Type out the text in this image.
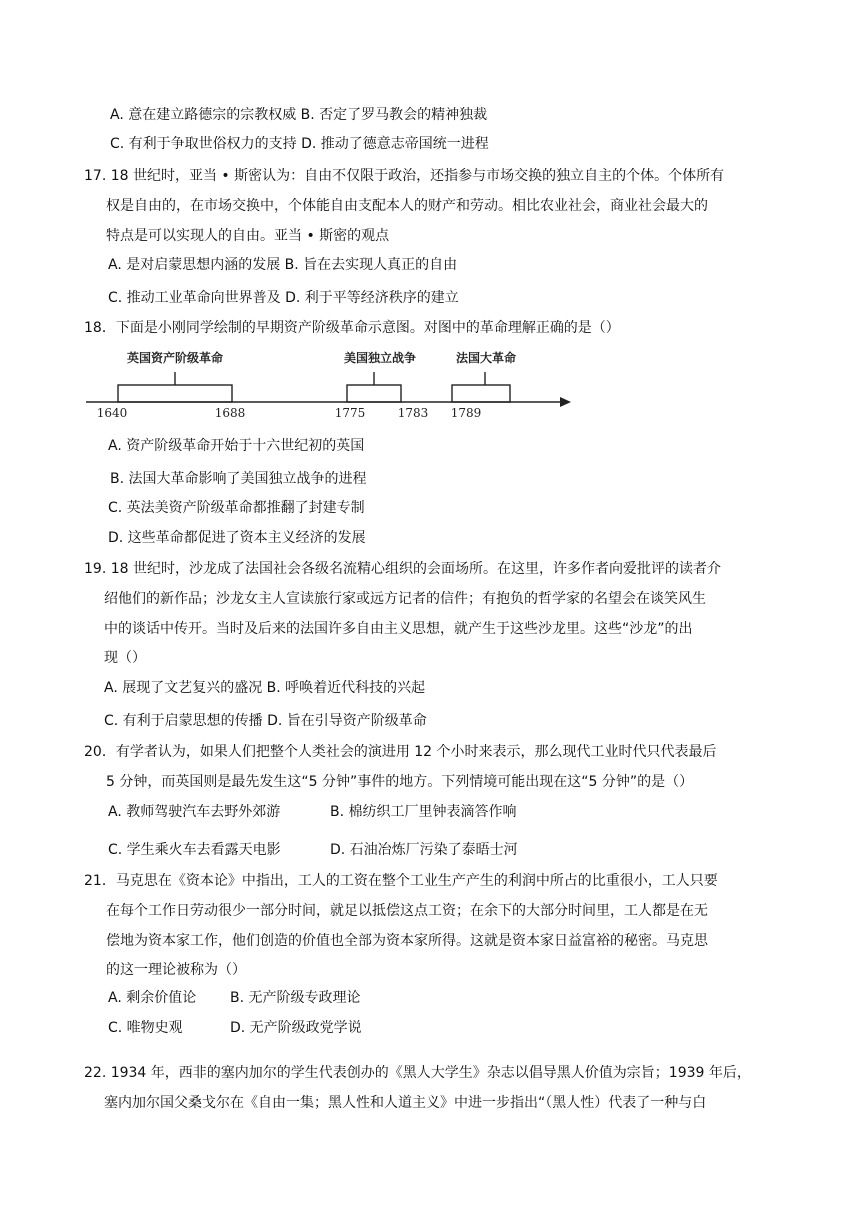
A. 意在建立路德宗的宗教权威 B. 否定了罗马教会的精神独裁
C. 有利于争取世俗权力的支持 D. 推动了德意志帝国统一进程
17. 18 世纪时，亚当 • 斯密认为：自由不仅限于政治，还指参与市场交换的独立自主的个体。个体所有
权是自由的，在市场交换中，个体能自由支配本人的财产和劳动。相比农业社会，商业社会最大的
特点是可以实现人的自由。亚当 • 斯密的观点
A. 是对启蒙思想内涵的发展 B. 旨在去实现人真正的自由
C. 推动工业革命向世界普及 D. 利于平等经济秩序的建立
18．下面是小刚同学绘制的早期资产阶级革命示意图。对图中的革命理解正确的是（）
英国资产阶级革命
1640	1688
美国独立战争
1775	1783
法国大革命
1789
A. 资产阶级革命开始于十六世纪初的英国
B. 法国大革命影响了美国独立战争的进程
C. 英法美资产阶级革命都推翻了封建专制
D. 这些革命都促进了资本主义经济的发展
19. 18 世纪时，沙龙成了法国社会各级名流精心组织的会面场所。在这里，许多作者向爱批评的读者介
绍他们的新作品；沙龙女主人宣读旅行家或远方记者的信件；有抱负的哲学家的名望会在谈笑风生
中的谈话中传开。当时及后来的法国许多自由主义思想，就产生于这些沙龙里。这些“沙龙”的出
现（）
A. 展现了文艺复兴的盛况 B. 呼唤着近代科技的兴起
C. 有利于启蒙思想的传播 D. 旨在引导资产阶级革命
20．有学者认为，如果人们把整个人类社会的演进用 12 个小时来表示，那么现代工业时代只代表最后
5 分钟，而英国则是最先发生这“5 分钟”事件的地方。下列情境可能出现在这“5 分钟”的是（）
A. 教师驾驶汽车去野外郊游	B. 棉纺织工厂里钟表滴答作响
C. 学生乘火车去看露天电影	D. 石油冶炼厂污染了泰晤士河
21．马克思在《资本论》中指出，工人的工资在整个工业生产产生的利润中所占的比重很小，工人只要
在每个工作日劳动很少一部分时间，就足以抵偿这点工资；在余下的大部分时间里，工人都是在无
偿地为资本家工作，他们创造的价值也全部为资本家所得。这就是资本家日益富裕的秘密。马克思
的这一理论被称为（）
A. 剩余价值论 B. 无产阶级专政理论
C. 唯物史观	D. 无产阶级政党学说
22. 1934 年，西非的塞内加尔的学生代表创办的《黑人大学生》杂志以倡导黑人价值为宗旨；1939 年后，
塞内加尔国父桑戈尔在《自由一集；黑人性和人道主义》中进一步指出“（黑人性）代表了一种与白
